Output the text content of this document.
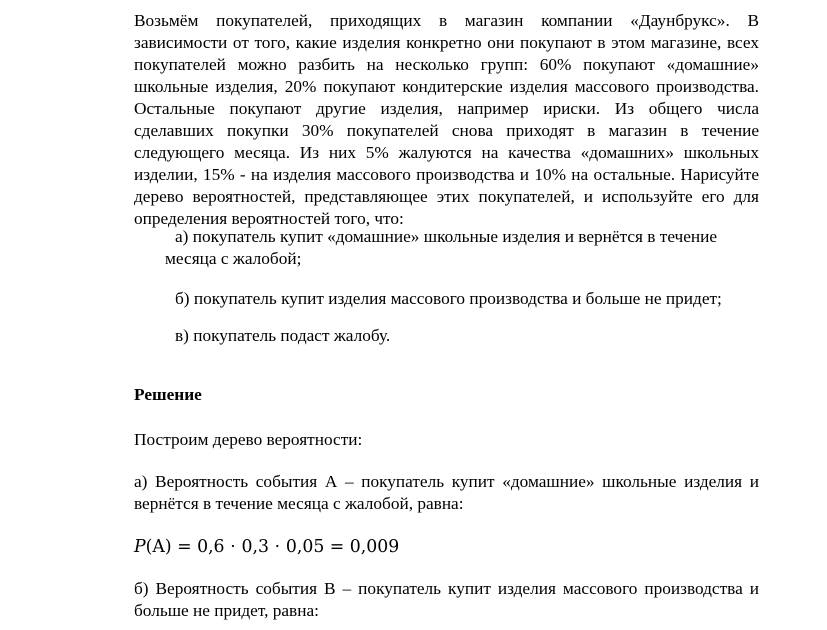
Возьмём покупателей, приходящих в магазин компании «Даунбрукс». В зависимости от того, какие изделия конкретно они покупают в этом магазине, всех покупателей можно разбить на несколько групп: 60% покупают «домашние» школьные изделия, 20% покупают кондитерские изделия массового производства. Остальные покупают другие изделия, например ириски. Из общего числа сделавших покупки 30% покупателей снова приходят в магазин в течение следующего месяца. Из них 5% жалуются на качества «домашних» школьных изделии, 15% - на изделия массового производства и 10% на остальные. Нарисуйте дерево вероятностей, представляющее этих покупателей, и используйте его для определения вероятностей того, что:

а) покупатель купит «домашние» школьные изделия и вернётся в течение месяца с жалобой;

б) покупатель купит изделия массового производства и больше не придет;

в) покупатель подаст жалобу.

Решение

Построим дерево вероятности:

а) Вероятность события А – покупатель купит «домашние» школьные изделия и вернётся в течение месяца с жалобой, равна:

P(A) = 0,6 ⋅ 0,3 ⋅ 0,05 = 0,009

б) Вероятность события В – покупатель купит изделия массового производства и больше не придет, равна:
